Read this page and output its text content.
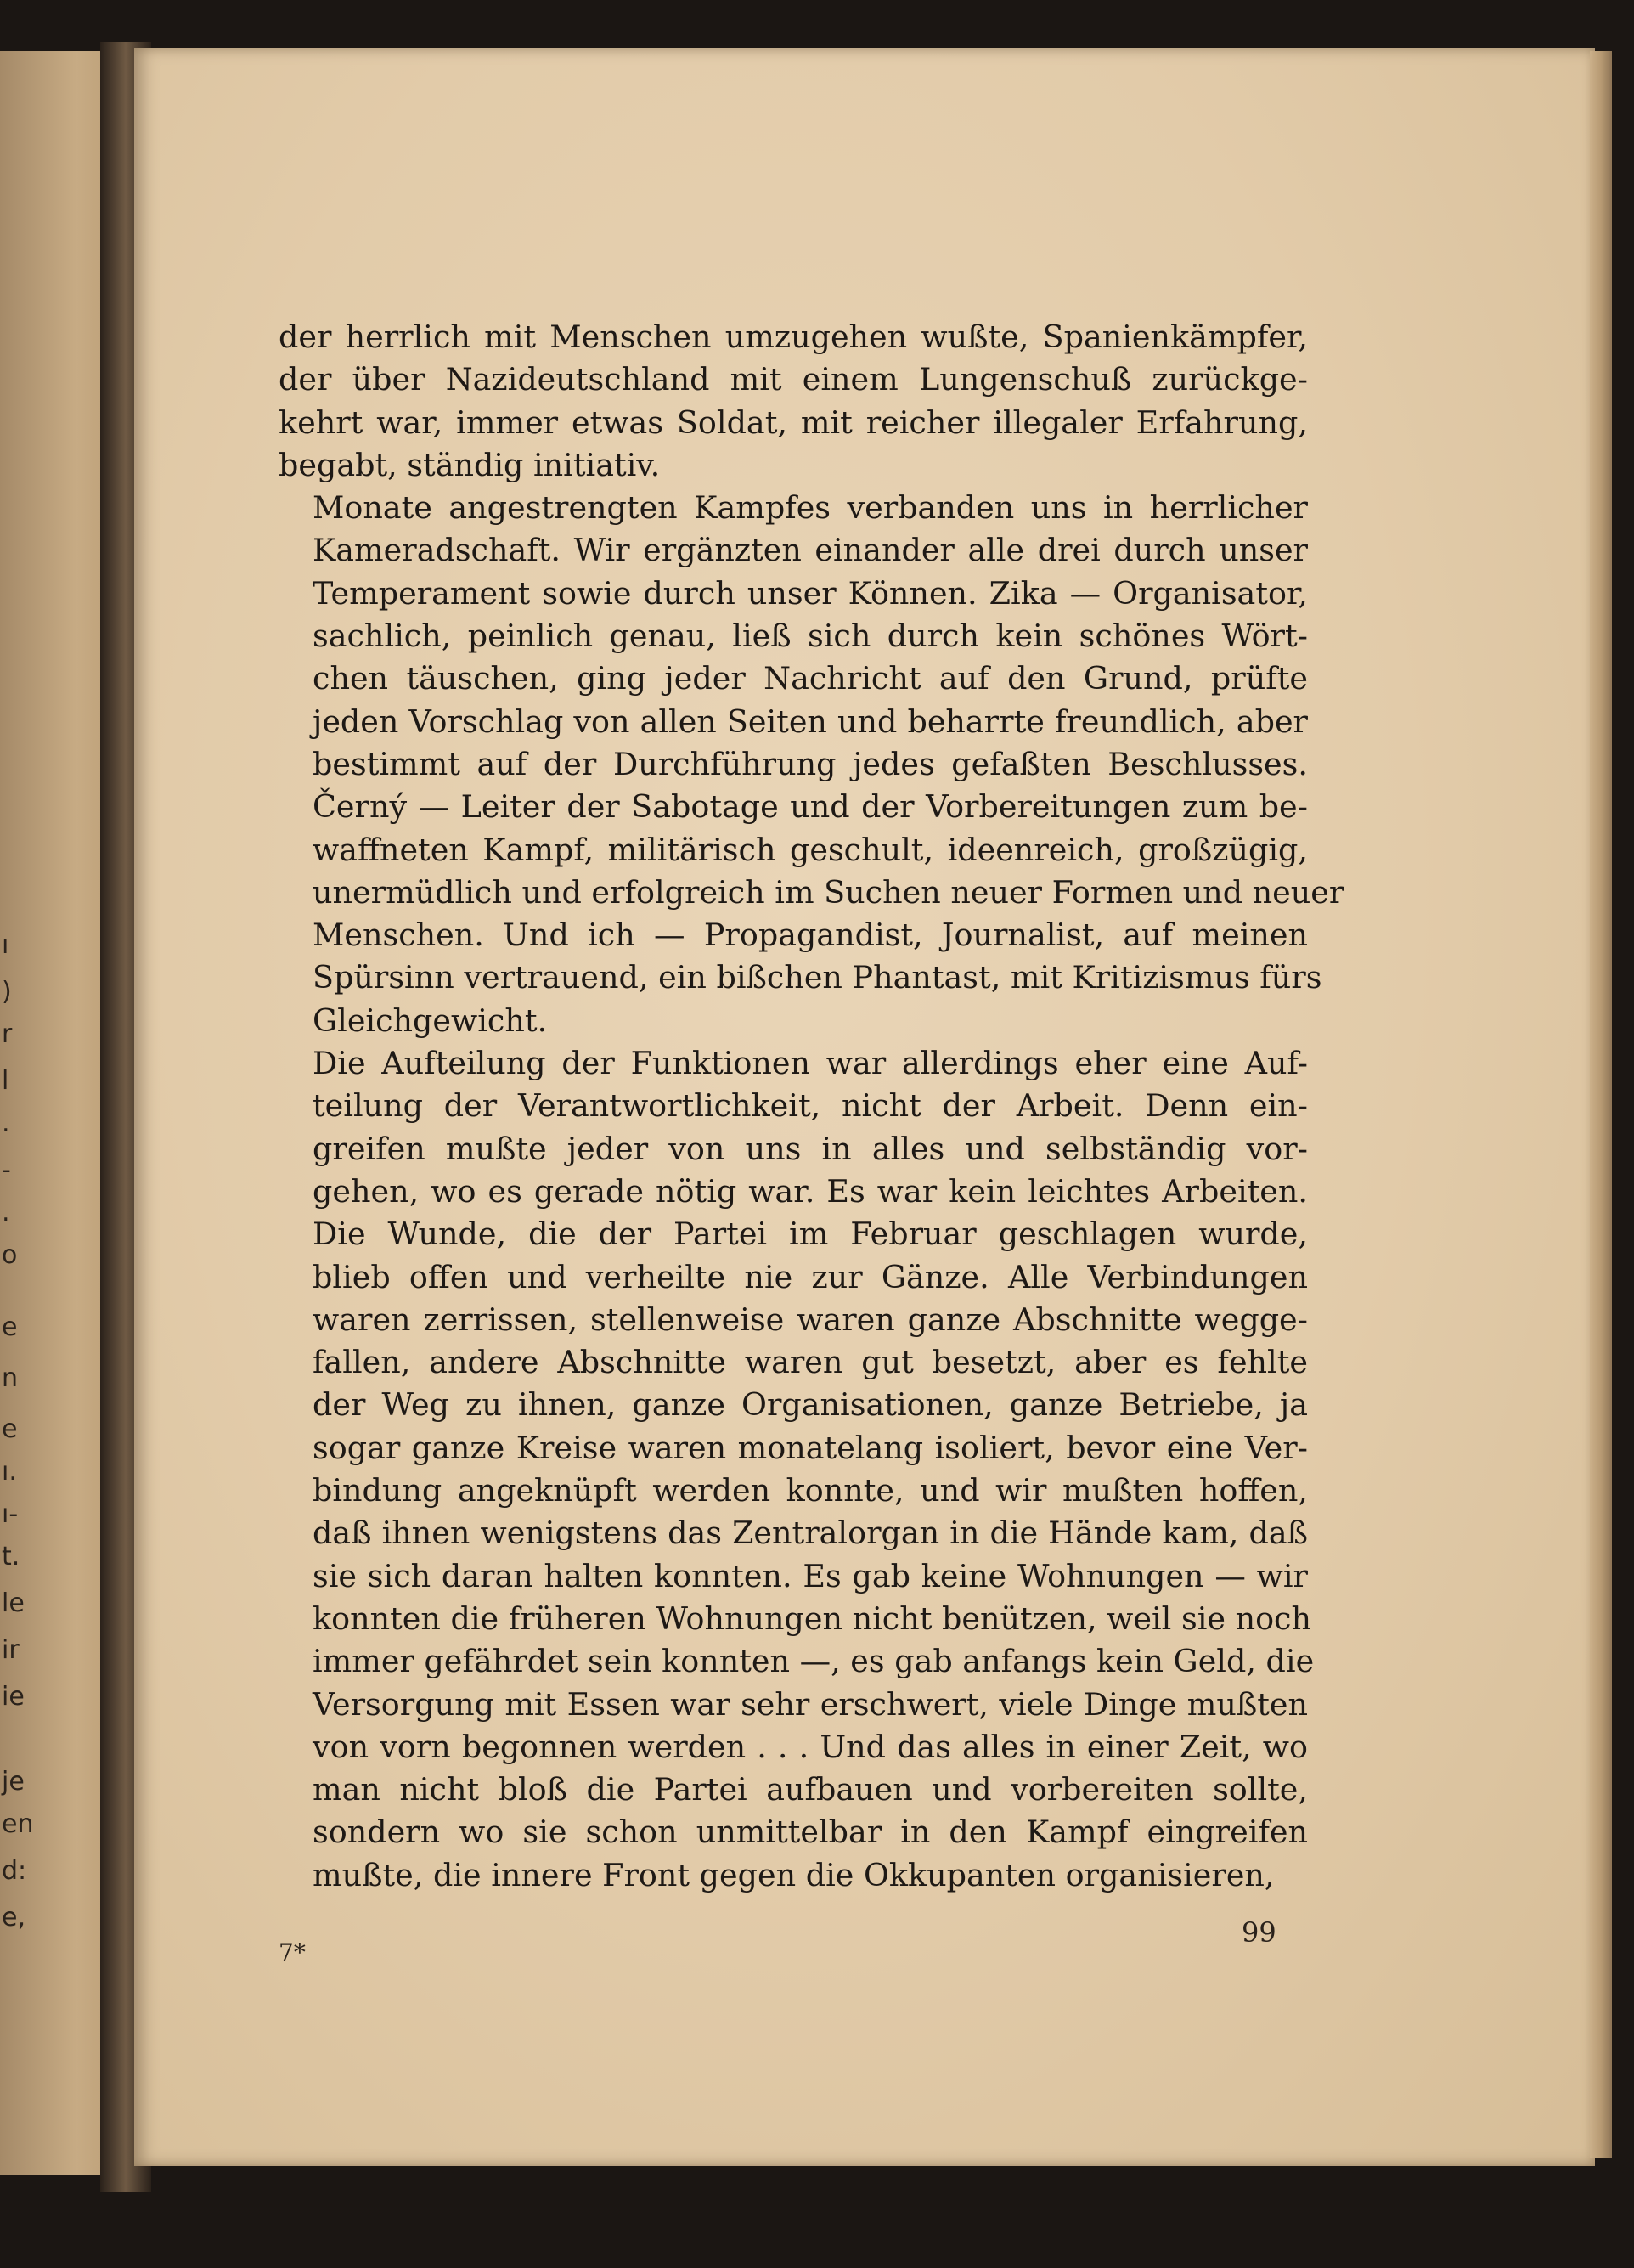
ı
)
r
l
.
-
.
o
e
n
e
ı.
ı-
t.
le
ir
ie
je
en
d:
e,

der herrlich mit Menschen umzugehen wußte, Spanienkämpfer,
der über Nazideutschland mit einem Lungenschuß zurückge-
kehrt war, immer etwas Soldat, mit reicher illegaler Erfahrung,
begabt, ständig initiativ.

Monate angestrengten Kampfes verbanden uns in herrlicher
Kameradschaft. Wir ergänzten einander alle drei durch unser
Temperament sowie durch unser Können. Zika — Organisator,
sachlich, peinlich genau, ließ sich durch kein schönes Wört-
chen täuschen, ging jeder Nachricht auf den Grund, prüfte
jeden Vorschlag von allen Seiten und beharrte freundlich, aber
bestimmt auf der Durchführung jedes gefaßten Beschlusses.
Černý — Leiter der Sabotage und der Vorbereitungen zum be-
waffneten Kampf, militärisch geschult, ideenreich, großzügig,
unermüdlich und erfolgreich im Suchen neuer Formen und neuer
Menschen. Und ich — Propagandist, Journalist, auf meinen
Spürsinn vertrauend, ein bißchen Phantast, mit Kritizismus fürs
Gleichgewicht.

Die Aufteilung der Funktionen war allerdings eher eine Auf-
teilung der Verantwortlichkeit, nicht der Arbeit. Denn ein-
greifen mußte jeder von uns in alles und selbständig vor-
gehen, wo es gerade nötig war. Es war kein leichtes Arbeiten.
Die Wunde, die der Partei im Februar geschlagen wurde,
blieb offen und verheilte nie zur Gänze. Alle Verbindungen
waren zerrissen, stellenweise waren ganze Abschnitte wegge-
fallen, andere Abschnitte waren gut besetzt, aber es fehlte
der Weg zu ihnen, ganze Organisationen, ganze Betriebe, ja
sogar ganze Kreise waren monatelang isoliert, bevor eine Ver-
bindung angeknüpft werden konnte, und wir mußten hoffen,
daß ihnen wenigstens das Zentralorgan in die Hände kam, daß
sie sich daran halten konnten. Es gab keine Wohnungen — wir
konnten die früheren Wohnungen nicht benützen, weil sie noch
immer gefährdet sein konnten —, es gab anfangs kein Geld, die
Versorgung mit Essen war sehr erschwert, viele Dinge mußten
von vorn begonnen werden . . . Und das alles in einer Zeit, wo
man nicht bloß die Partei aufbauen und vorbereiten sollte,
sondern wo sie schon unmittelbar in den Kampf eingreifen
mußte, die innere Front gegen die Okkupanten organisieren,

7*
99
